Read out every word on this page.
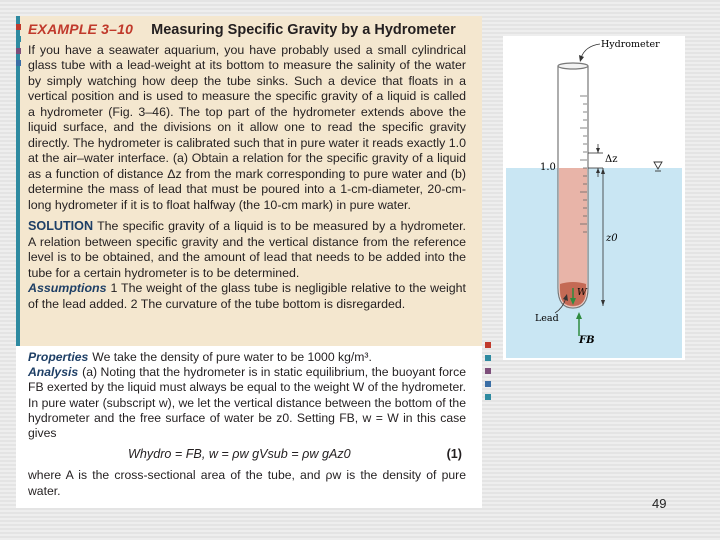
EXAMPLE 3–10 Measuring Specific Gravity by a Hydrometer

If you have a seawater aquarium, you have probably used a small cylindrical glass tube with a lead-weight at its bottom to measure the salinity of the water by simply watching how deep the tube sinks. Such a device that floats in a vertical position and is used to measure the specific gravity of a liquid is called a hydrometer (Fig. 3–46). The top part of the hydrometer extends above the liquid surface, and the divisions on it allow one to read the specific gravity directly. The hydrometer is calibrated such that in pure water it reads exactly 1.0 at the air–water interface. (a) Obtain a relation for the specific gravity of a liquid as a function of distance Δz from the mark corresponding to pure water and (b) determine the mass of lead that must be poured into a 1-cm-diameter, 20-cm-long hydrometer if it is to float halfway (the 10-cm mark) in pure water.

SOLUTION The specific gravity of a liquid is to be measured by a hydrometer. A relation between specific gravity and the vertical distance from the reference level is to be obtained, and the amount of lead that needs to be added into the tube for a certain hydrometer is to be determined.

Assumptions 1 The weight of the glass tube is negligible relative to the weight of the lead added. 2 The curvature of the tube bottom is disregarded.

Properties We take the density of pure water to be 1000 kg/m³.

Analysis (a) Noting that the hydrometer is in static equilibrium, the buoyant force FB exerted by the liquid must always be equal to the weight W of the hydrometer. In pure water (subscript w), we let the vertical distance between the bottom of the hydrometer and the free surface of water be z0. Setting FB, w = W in this case gives

Whydro = FB, w = ρw gVsub = ρw gAz0	(1)

where A is the cross-sectional area of the tube, and ρw is the density of pure water.

Δz
1.0
z0
Hydrometer
W
FB
Lead
49
